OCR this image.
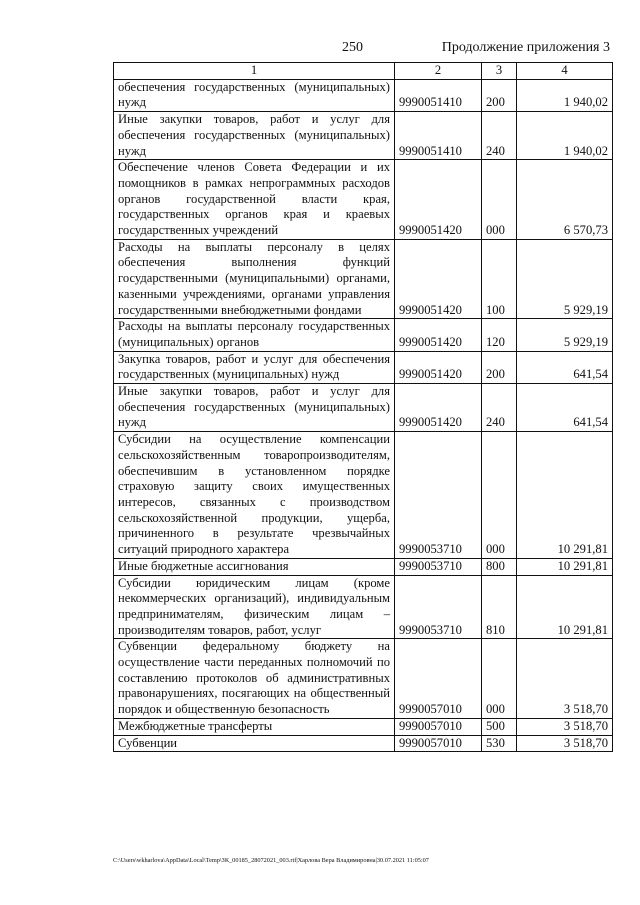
250	Продолжение приложения 3
1	2	3	4
обеспечения государственных (муниципальных) нужд	9990051410	200	1 940,02
Иные закупки товаров, работ и услуг для обеспечения государственных (муниципальных) нужд	9990051410	240	1 940,02
Обеспечение членов Совета Федерации и их помощников в рамках непрограммных расходов органов государственной власти края, государственных органов края и краевых государственных учреждений	9990051420	000	6 570,73
Расходы на выплаты персоналу в целях обеспечения выполнения функций государственными (муниципальными) органами, казенными учреждениями, органами управления государственными внебюджетными фондами	9990051420	100	5 929,19
Расходы на выплаты персоналу государственных (муниципальных) органов	9990051420	120	5 929,19
Закупка товаров, работ и услуг для обеспечения государственных (муниципальных) нужд	9990051420	200	641,54
Иные закупки товаров, работ и услуг для обеспечения государственных (муниципальных) нужд	9990051420	240	641,54
Субсидии на осуществление компенсации сельскохозяйственным товаропроизводителям, обеспечившим в установленном порядке страховую защиту своих имущественных интересов, связанных с производством сельскохозяйственной продукции, ущерба, причиненного в результате чрезвычайных ситуаций природного характера	9990053710	000	10 291,81
Иные бюджетные ассигнования	9990053710	800	10 291,81
Субсидии юридическим лицам (кроме некоммерческих организаций), индивидуальным предпринимателям, физическим лицам – производителям товаров, работ, услуг	9990053710	810	10 291,81
Субвенции федеральному бюджету на осуществление части переданных полномочий по составлению протоколов об административных правонарушениях, посягающих на общественный порядок и общественную безопасность	9990057010	000	3 518,70
Межбюджетные трансферты	9990057010	500	3 518,70
Субвенции	9990057010	530	3 518,70
C:\Users\wkharlova\AppData\Local\Temp\ЗК_00185_28072021_003.rtf|Харлова Вера Владимировна|30.07.2021 11:05:07
